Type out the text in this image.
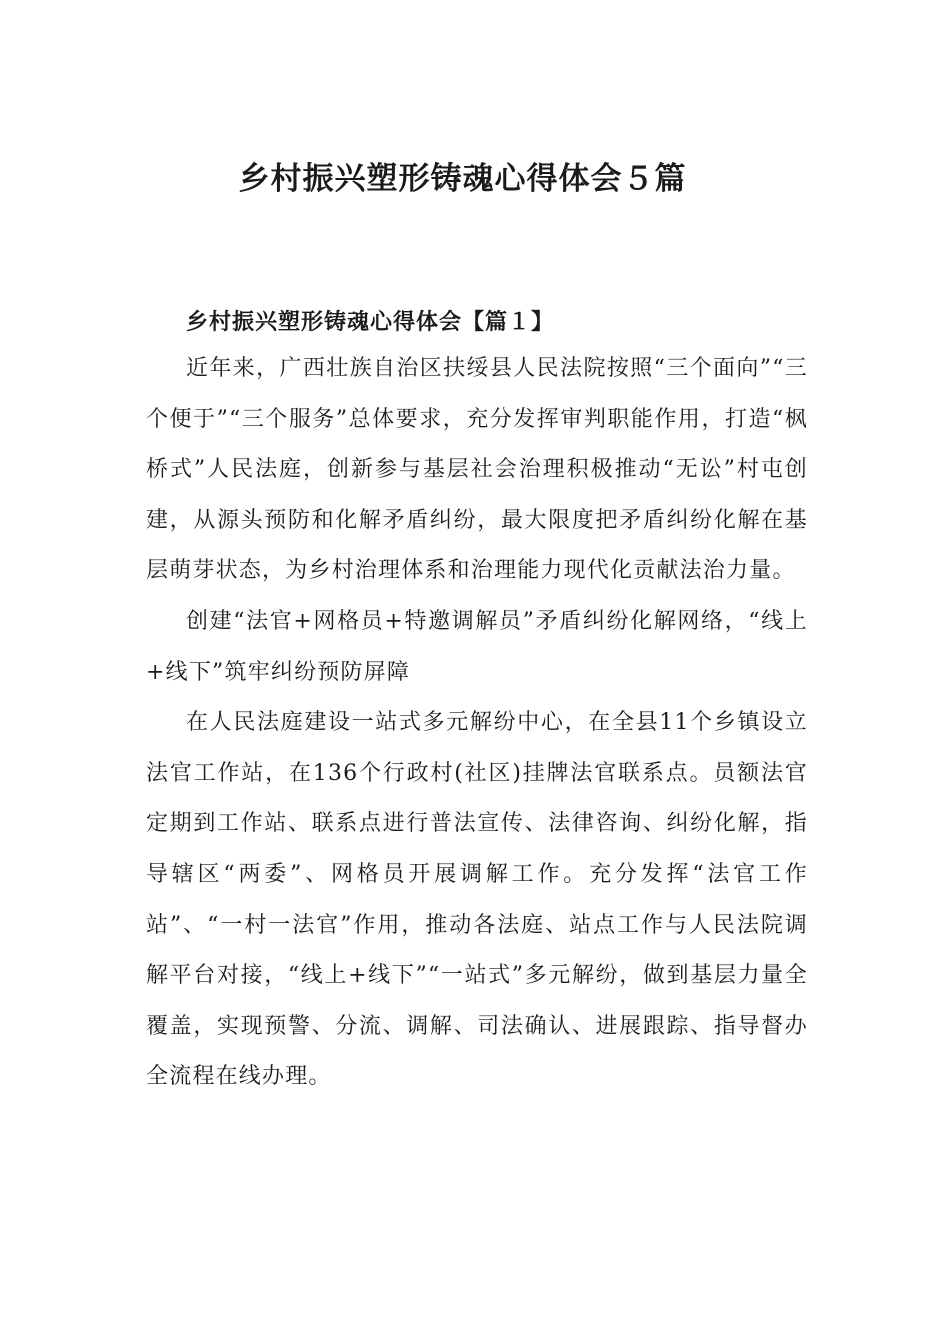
乡村振兴塑形铸魂心得体会５篇
乡村振兴塑形铸魂心得体会【篇１】

近年来，广西壮族自治区扶绥县人民法院按照“三个面向”“三个便于”“三个服务”总体要求，充分发挥审判职能作用，打造“枫桥式”人民法庭，创新参与基层社会治理积极推动“无讼”村屯创建，从源头预防和化解矛盾纠纷，最大限度把矛盾纠纷化解在基层萌芽状态，为乡村治理体系和治理能力现代化贡献法治力量。

创建“法官+网格员+特邀调解员”矛盾纠纷化解网络，“线上+线下”筑牢纠纷预防屏障

在人民法庭建设一站式多元解纷中心，在全县11个乡镇设立法官工作站，在136个行政村(社区)挂牌法官联系点。员额法官定期到工作站、联系点进行普法宣传、法律咨询、纠纷化解，指导辖区“两委”、网格员开展调解工作。充分发挥“法官工作站”、“一村一法官”作用，推动各法庭、站点工作与人民法院调解平台对接，“线上+线下”“一站式”多元解纷，做到基层力量全覆盖，实现预警、分流、调解、司法确认、进展跟踪、指导督办全流程在线办理。
